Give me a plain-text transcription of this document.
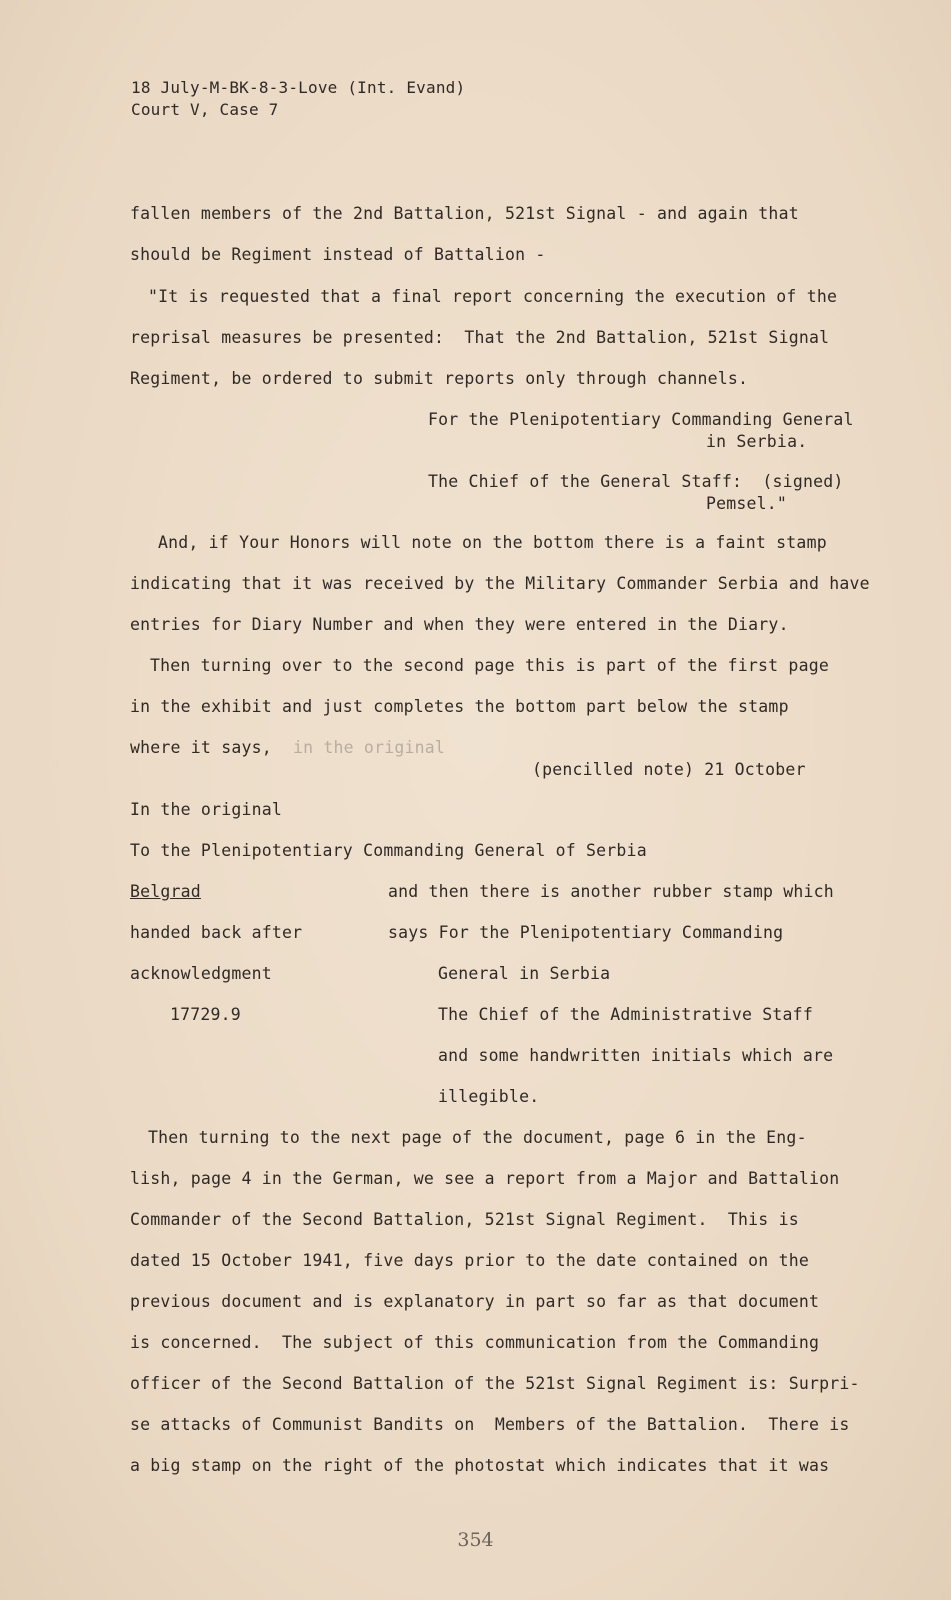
18 July-M-BK-8-3-Love (Int. Evand)
Court V, Case 7
fallen members of the 2nd Battalion, 521st Signal - and again that
should be Regiment instead of Battalion -
"It is requested that a final report concerning the execution of the
reprisal measures be presented:  That the 2nd Battalion, 521st Signal
Regiment, be ordered to submit reports only through channels.
For the Plenipotentiary Commanding General
in Serbia.
The Chief of the General Staff:  (signed)
Pemsel."
And, if Your Honors will note on the bottom there is a faint stamp
indicating that it was received by the Military Commander Serbia and have
entries for Diary Number and when they were entered in the Diary.
Then turning over to the second page this is part of the first page
in the exhibit and just completes the bottom part below the stamp
where it says, in the original
(pencilled note) 21 October
In the original
To the Plenipotentiary Commanding General of Serbia
Belgrad
handed back after
acknowledgment
17729.9
and then there is another rubber stamp which
says For the Plenipotentiary Commanding
General in Serbia
The Chief of the Administrative Staff
and some handwritten initials which are
illegible.
Then turning to the next page of the document, page 6 in the Eng-
lish, page 4 in the German, we see a report from a Major and Battalion
Commander of the Second Battalion, 521st Signal Regiment.  This is
dated 15 October 1941, five days prior to the date contained on the
previous document and is explanatory in part so far as that document
is concerned.  The subject of this communication from the Commanding
officer of the Second Battalion of the 521st Signal Regiment is: Surpri-
se attacks of Communist Bandits on  Members of the Battalion.  There is
a big stamp on the right of the photostat which indicates that it was
354
